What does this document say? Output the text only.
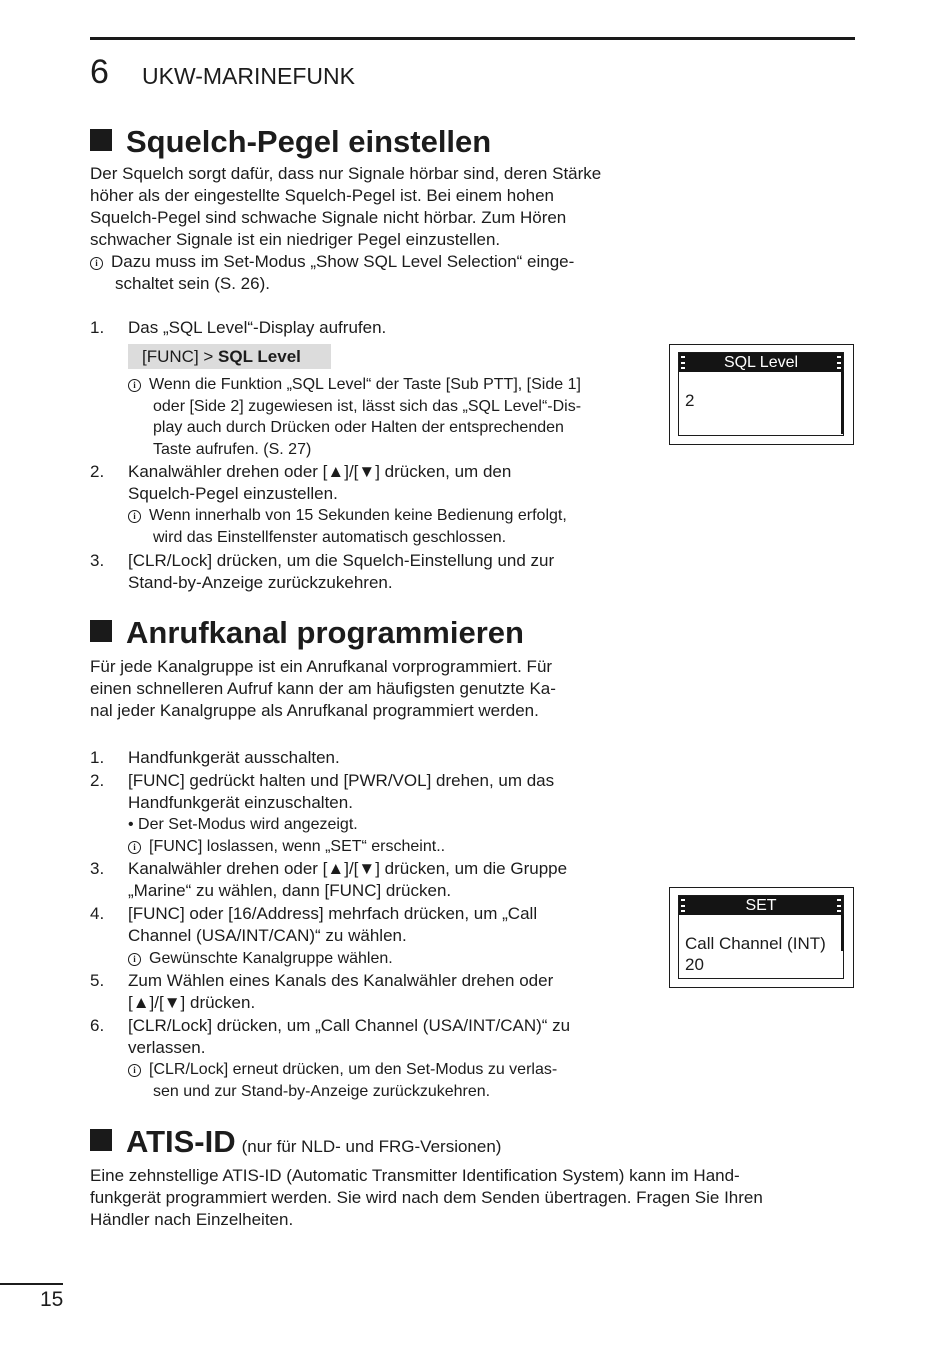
6 UKW-MARINEFUNK
Squelch-Pegel einstellen
Der Squelch sorgt dafür, dass nur Signale hörbar sind, deren Stärke
höher als der eingestellte Squelch-Pegel ist. Bei einem hohen
Squelch-Pegel sind schwache Signale nicht hörbar. Zum Hören
schwacher Signale ist ein niedriger Pegel einzustellen.
i Dazu muss im Set-Modus „Show SQL Level Selection“ einge-
schaltet sein (S. 26).
1. Das „SQL Level“-Display aufrufen.
[FUNC] > SQL Level
i Wenn die Funktion „SQL Level“ der Taste [Sub PTT], [Side 1]
oder [Side 2] zugewiesen ist, lässt sich das „SQL Level“-Dis-
play auch durch Drücken oder Halten der entsprechenden
Taste aufrufen. (S. 27)
2. Kanalwähler drehen oder [▲]/[▼] drücken, um den
Squelch-Pegel einzustellen.
i Wenn innerhalb von 15 Sekunden keine Bedienung erfolgt,
wird das Einstellfenster automatisch geschlossen.
3. [CLR/Lock] drücken, um die Squelch-Einstellung und zur
Stand-by-Anzeige zurückzukehren.
SQL Level
2
Anrufkanal programmieren
Für jede Kanalgruppe ist ein Anrufkanal vorprogrammiert. Für
einen schnelleren Aufruf kann der am häufigsten genutzte Ka-
nal jeder Kanalgruppe als Anrufkanal programmiert werden.
1. Handfunkgerät ausschalten.
2. [FUNC] gedrückt halten und [PWR/VOL] drehen, um das
Handfunkgerät einzuschalten.
• Der Set-Modus wird angezeigt.
i [FUNC] loslassen, wenn „SET“ erscheint..
3. Kanalwähler drehen oder [▲]/[▼] drücken, um die Gruppe
„Marine“ zu wählen, dann [FUNC] drücken.
4. [FUNC] oder [16/Address] mehrfach drücken, um „Call
Channel (USA/INT/CAN)“ zu wählen.
i Gewünschte Kanalgruppe wählen.
5. Zum Wählen eines Kanals des Kanalwähler drehen oder
[▲]/[▼] drücken.
6. [CLR/Lock] drücken, um „Call Channel (USA/INT/CAN)“ zu
verlassen.
i [CLR/Lock] erneut drücken, um den Set-Modus zu verlas-
sen und zur Stand-by-Anzeige zurückzukehren.
SET
Call Channel (INT)
20
ATIS-ID (nur für NLD- und FRG-Versionen)
Eine zehnstellige ATIS-ID (Automatic Transmitter Identification System) kann im Hand-
funkgerät programmiert werden. Sie wird nach dem Senden übertragen. Fragen Sie Ihren
Händler nach Einzelheiten.
15
